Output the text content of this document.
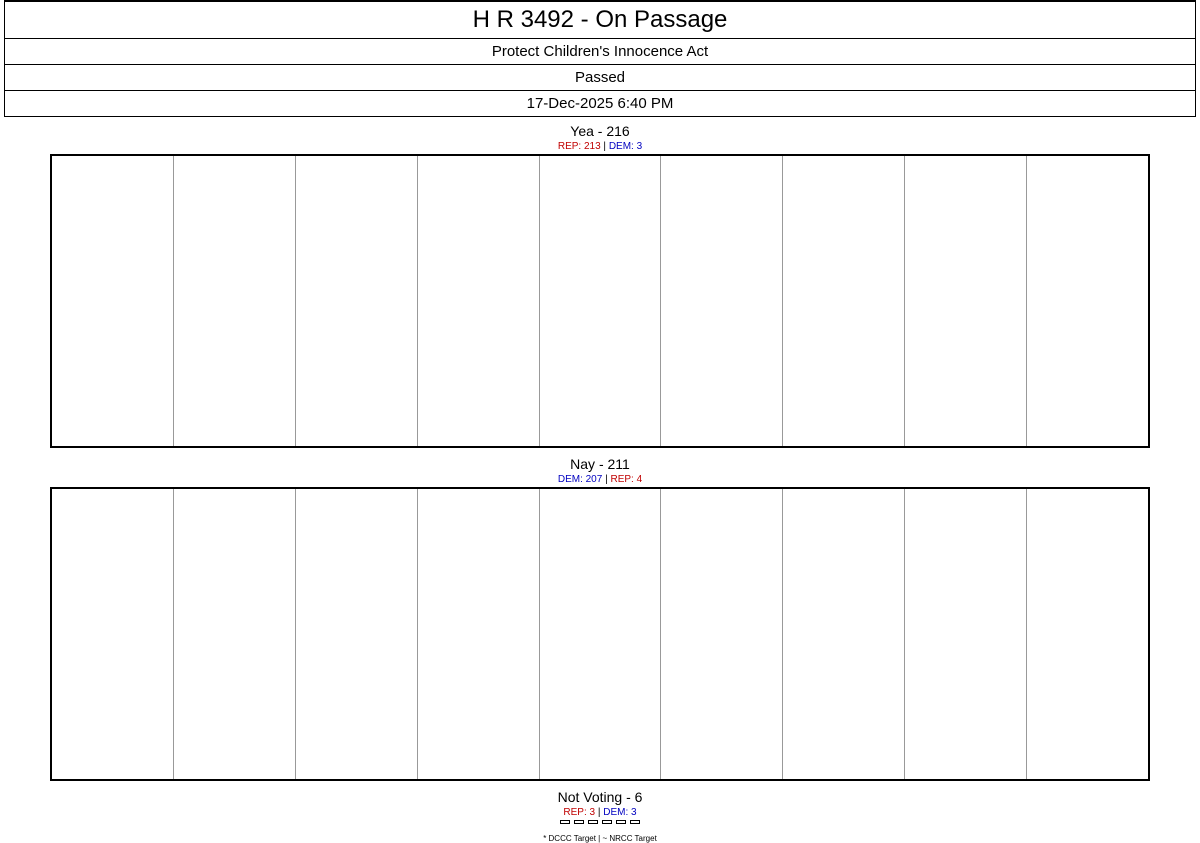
H R 3492 - On Passage
Protect Children's Innocence Act
Passed
17-Dec-2025 6:40 PM
Yea - 216
REP: 213 | DEM: 3
Nay - 211
DEM: 207 | REP: 4
Not Voting - 6
REP: 3 | DEM: 3
* DCCC Target | ~ NRCC Target
